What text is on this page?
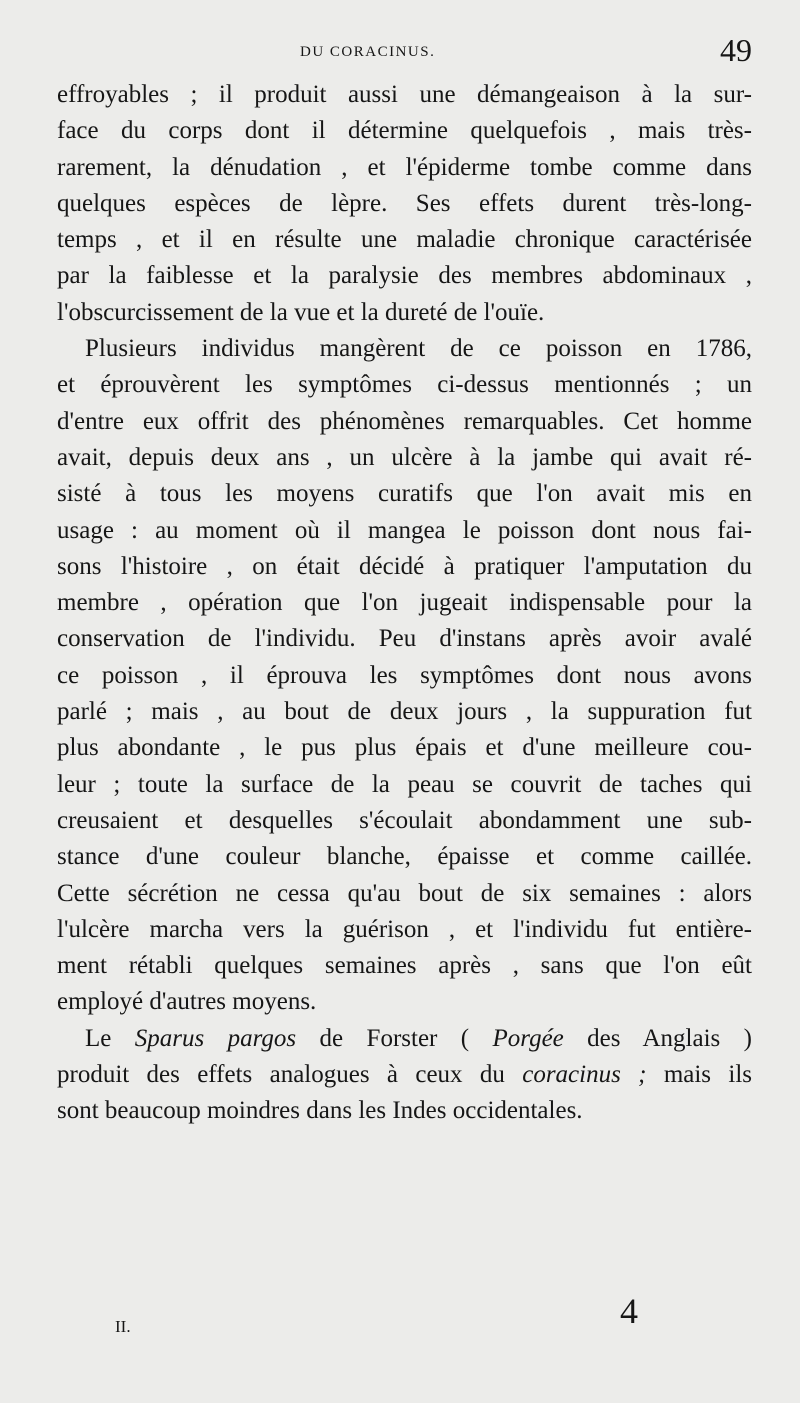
DU CORACINUS.	49
effroyables ; il produit aussi une démangeaison à la sur-
face du corps dont il détermine quelquefois , mais très-
rarement, la dénudation , et l'épiderme tombe comme dans
quelques espèces de lèpre. Ses effets durent très-long-
temps , et il en résulte une maladie chronique caractérisée
par la faiblesse et la paralysie des membres abdominaux ,
l'obscurcissement de la vue et la dureté de l'ouïe.
Plusieurs individus mangèrent de ce poisson en 1786,
et éprouvèrent les symptômes ci-dessus mentionnés ; un
d'entre eux offrit des phénomènes remarquables. Cet homme
avait, depuis deux ans , un ulcère à la jambe qui avait ré-
sisté à tous les moyens curatifs que l'on avait mis en
usage : au moment où il mangea le poisson dont nous fai-
sons l'histoire , on était décidé à pratiquer l'amputation du
membre , opération que l'on jugeait indispensable pour la
conservation de l'individu. Peu d'instans après avoir avalé
ce poisson , il éprouva les symptômes dont nous avons
parlé ; mais , au bout de deux jours , la suppuration fut
plus abondante , le pus plus épais et d'une meilleure cou-
leur ; toute la surface de la peau se couvrit de taches qui
creusaient et desquelles s'écoulait abondamment une sub-
stance d'une couleur blanche, épaisse et comme caillée.
Cette sécrétion ne cessa qu'au bout de six semaines : alors
l'ulcère marcha vers la guérison , et l'individu fut entière-
ment rétabli quelques semaines après , sans que l'on eût
employé d'autres moyens.
Le Sparus pargos de Forster ( Porgée des Anglais )
produit des effets analogues à ceux du coracinus ; mais ils
sont beaucoup moindres dans les Indes occidentales.
II.	4
